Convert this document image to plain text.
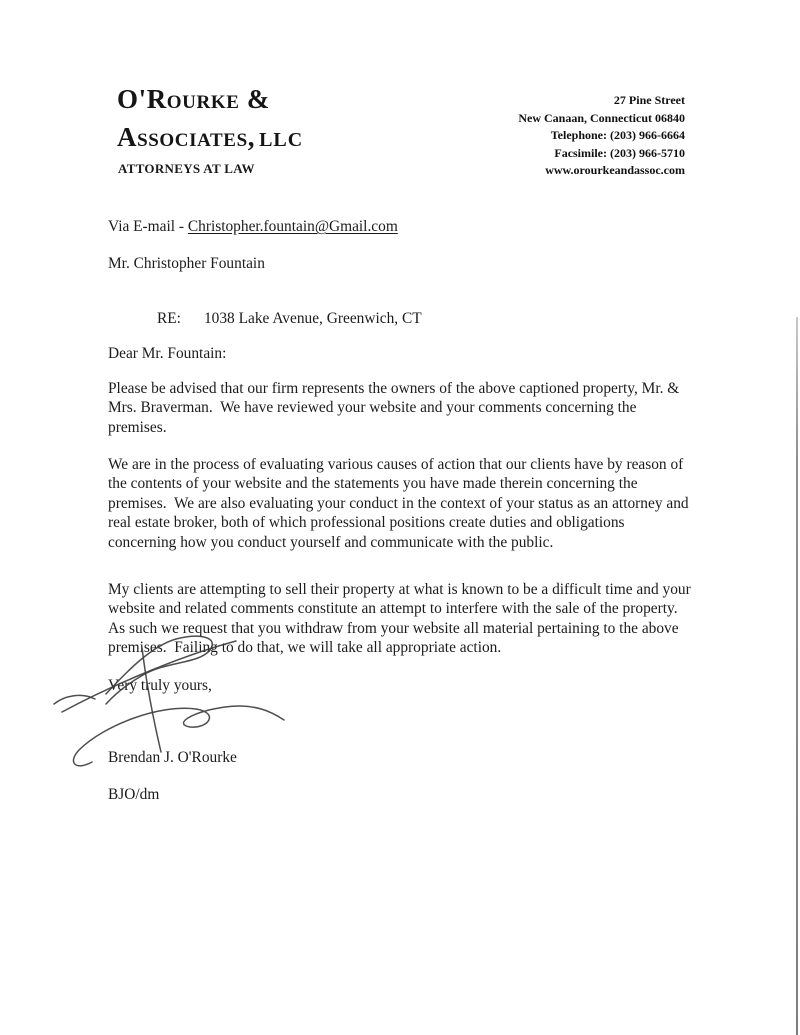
O'Rourke &
Associates, LLC
ATTORNEYS AT LAW
27 Pine Street
New Canaan, Connecticut 06840
Telephone: (203) 966-6664
Facsimile: (203) 966-5710
www.orourkeandassoc.com
Via E-mail - Christopher.fountain@Gmail.com
Mr. Christopher Fountain
RE: 1038 Lake Avenue, Greenwich, CT
Dear Mr. Fountain:
Please be advised that our firm represents the owners of the above captioned property, Mr. & Mrs. Braverman.  We have reviewed your website and your comments concerning the premises.
We are in the process of evaluating various causes of action that our clients have by reason of the contents of your website and the statements you have made therein concerning the premises.  We are also evaluating your conduct in the context of your status as an attorney and real estate broker, both of which professional positions create duties and obligations concerning how you conduct yourself and communicate with the public.
My clients are attempting to sell their property at what is known to be a difficult time and your website and related comments constitute an attempt to interfere with the sale of the property.  As such we request that you withdraw from your website all material pertaining to the above premises.  Failing to do that, we will take all appropriate action.
Very truly yours,
Brendan J. O'Rourke
BJO/dm
